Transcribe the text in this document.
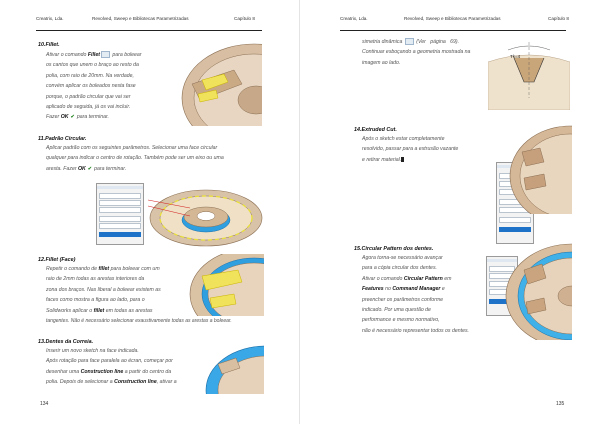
Creatrix, Lda.	Revolved, Sweep e Bibliotecas Parametrizadas	Capítulo 8
10.Fillet.
Ativar o comando Fillet para boleear
os cantos que unem o braço ao resto da
polia, com raio de 20mm. Na verdade,
convém aplicar os boleados nesta fase
porque, o padrão circular que vai ser
aplicado de seguida, já os vai incluir.
Fazer OK ✔ para terminar.
11.Padrão Circular.
Aplicar padrão com os seguintes parâmetros. Selecionar uma face circular
qualquer para indicar o centro de rotação. Também pode ser um eixo ou uma
aresta. Fazer OK ✔ para terminar.
12.Fillet (Face)
Repetir o comando de fillet para boleear com um
raio de 2mm todas as arestas interiores da
zona dos braços. Nas liberal a boleear existem as
faces como mostra a figura ao lado, para o
Solidworks aplicar o fillet em todas as arestas
tangentes. Não é necessário selecionar exaustivamente todas as arestas a boleear.
13.Dentes da Correia.
Inserir um novo sketch na face indicada.
Após rotação para face paralela ao écran, começar por
desenhar uma Construction line a partir do centro da
polia. Depois de selecionar a Construction line, ativar a
134
Creatrix, Lda.	Revolved, Sweep e Bibliotecas Parametrizadas	Capítulo 8
simetria dinâmica	(Ver página 69).
Continuar esboçando a geometria mostrada na
imagem ao lado.
Tk=4
14.Extruded Cut.
Após o sketch estar completamente
resolvido, passar para a extrusão vazante
e retirar material.
15.Circular Pattern dos dentes.
Agora torna-se necessário avançar
para a cópia circular dos dentes.
Ativar o comando Circular Pattern em
Features no Command Manager e
preencher os parâmetros conforme
indicado. Por uma questão de
performance e mesmo normativo,
não é necessário representar todos os dentes.
135
